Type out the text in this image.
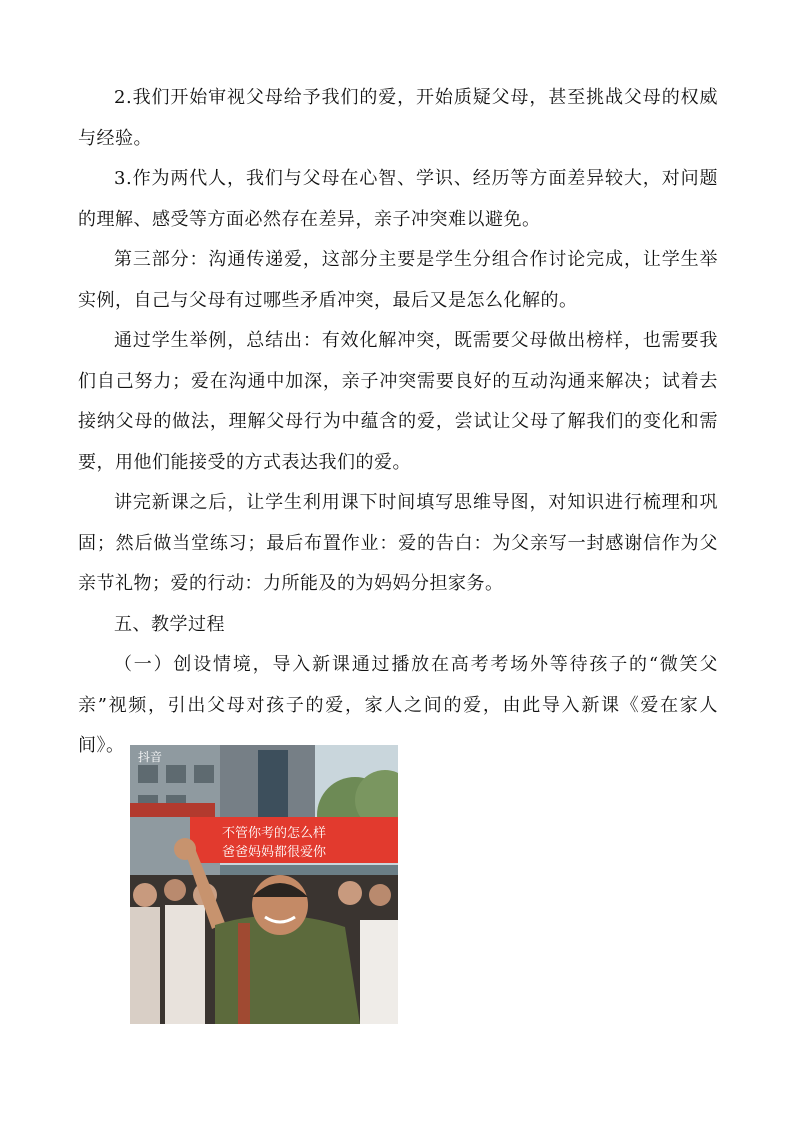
2.我们开始审视父母给予我们的爱，开始质疑父母，甚至挑战父母的权威与经验。

3.作为两代人，我们与父母在心智、学识、经历等方面差异较大，对问题的理解、感受等方面必然存在差异，亲子冲突难以避免。

第三部分：沟通传递爱，这部分主要是学生分组合作讨论完成，让学生举实例，自己与父母有过哪些矛盾冲突，最后又是怎么化解的。

通过学生举例，总结出：有效化解冲突，既需要父母做出榜样，也需要我们自己努力；爱在沟通中加深，亲子冲突需要良好的互动沟通来解决；试着去接纳父母的做法，理解父母行为中蕴含的爱，尝试让父母了解我们的变化和需要，用他们能接受的方式表达我们的爱。

讲完新课之后，让学生利用课下时间填写思维导图，对知识进行梳理和巩固；然后做当堂练习；最后布置作业：爱的告白：为父亲写一封感谢信作为父亲节礼物；爱的行动：力所能及的为妈妈分担家务。

五、教学过程

（一）创设情境，导入新课通过播放在高考考场外等待孩子的“微笑父亲”视频，引出父母对孩子的爱，家人之间的爱，由此导入新课《爱在家人间》。

不管你考的怎么样
爸爸妈妈都很爱你
抖音
